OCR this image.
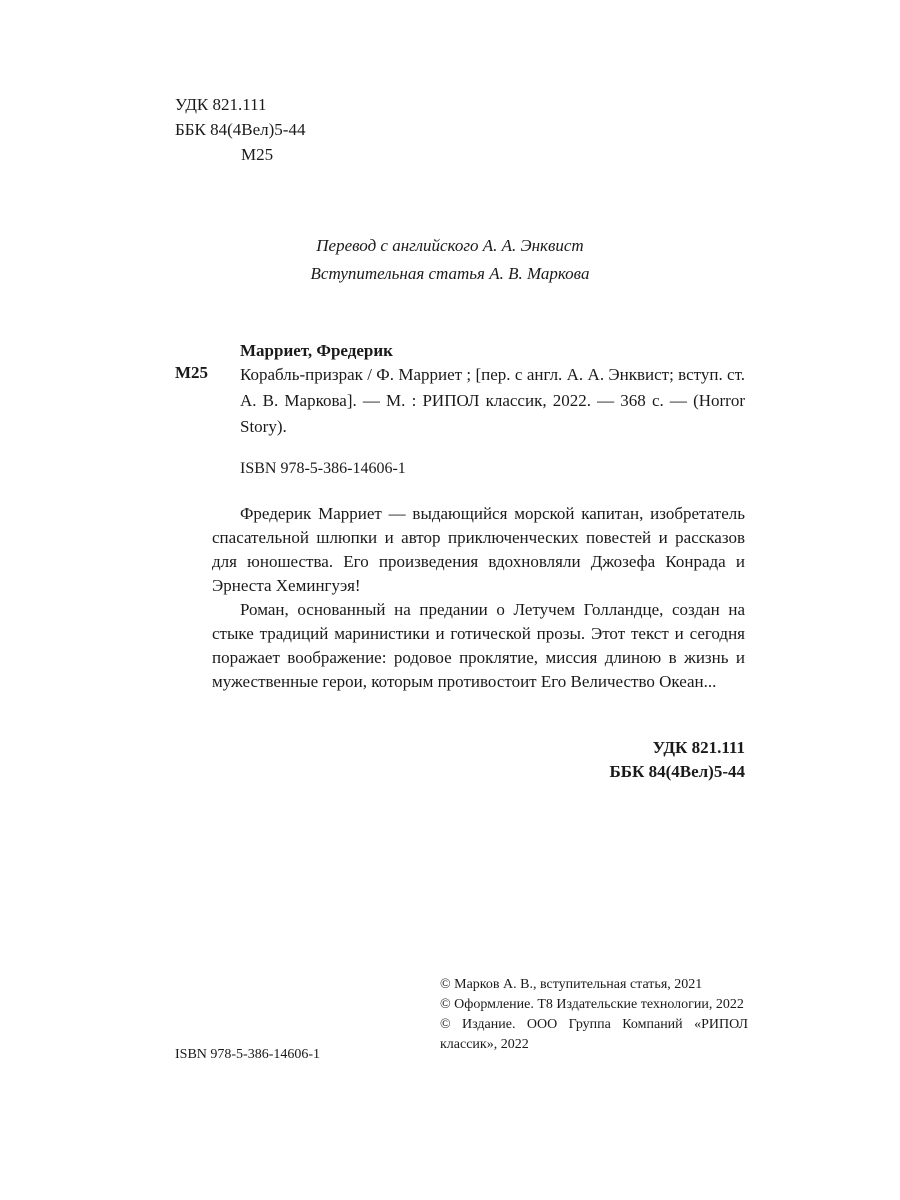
УДК 821.111
ББК 84(4Вел)5-44
М25
Перевод с английского А. А. Энквист
Вступительная статья А. В. Маркова
Марриет, Фредерик
М25 Корабль-призрак / Ф. Марриет ; [пер. с англ. А. А. Энквист; вступ. ст. А. В. Маркова]. — М. : РИПОЛ классик, 2022. — 368 с. — (Horror Story).
ISBN 978-5-386-14606-1

Фредерик Марриет — выдающийся морской капитан, изобретатель спасательной шлюпки и автор приключенческих повестей и рассказов для юношества. Его произведения вдохновляли Джозефа Конрада и Эрнеста Хемингуэя!

Роман, основанный на предании о Летучем Голландце, создан на стыке традиций маринистики и готической прозы. Этот текст и сегодня поражает воображение: родовое проклятие, миссия длиною в жизнь и мужественные герои, которым противостоит Его Величество Океан...

УДК 821.111
ББК 84(4Вел)5-44

© Марков А. В., вступительная статья, 2021

© Оформление. Т8 Издательские технологии, 2022

© Издание. ООО Группа Компаний «РИПОЛ классик», 2022

ISBN 978-5-386-14606-1
